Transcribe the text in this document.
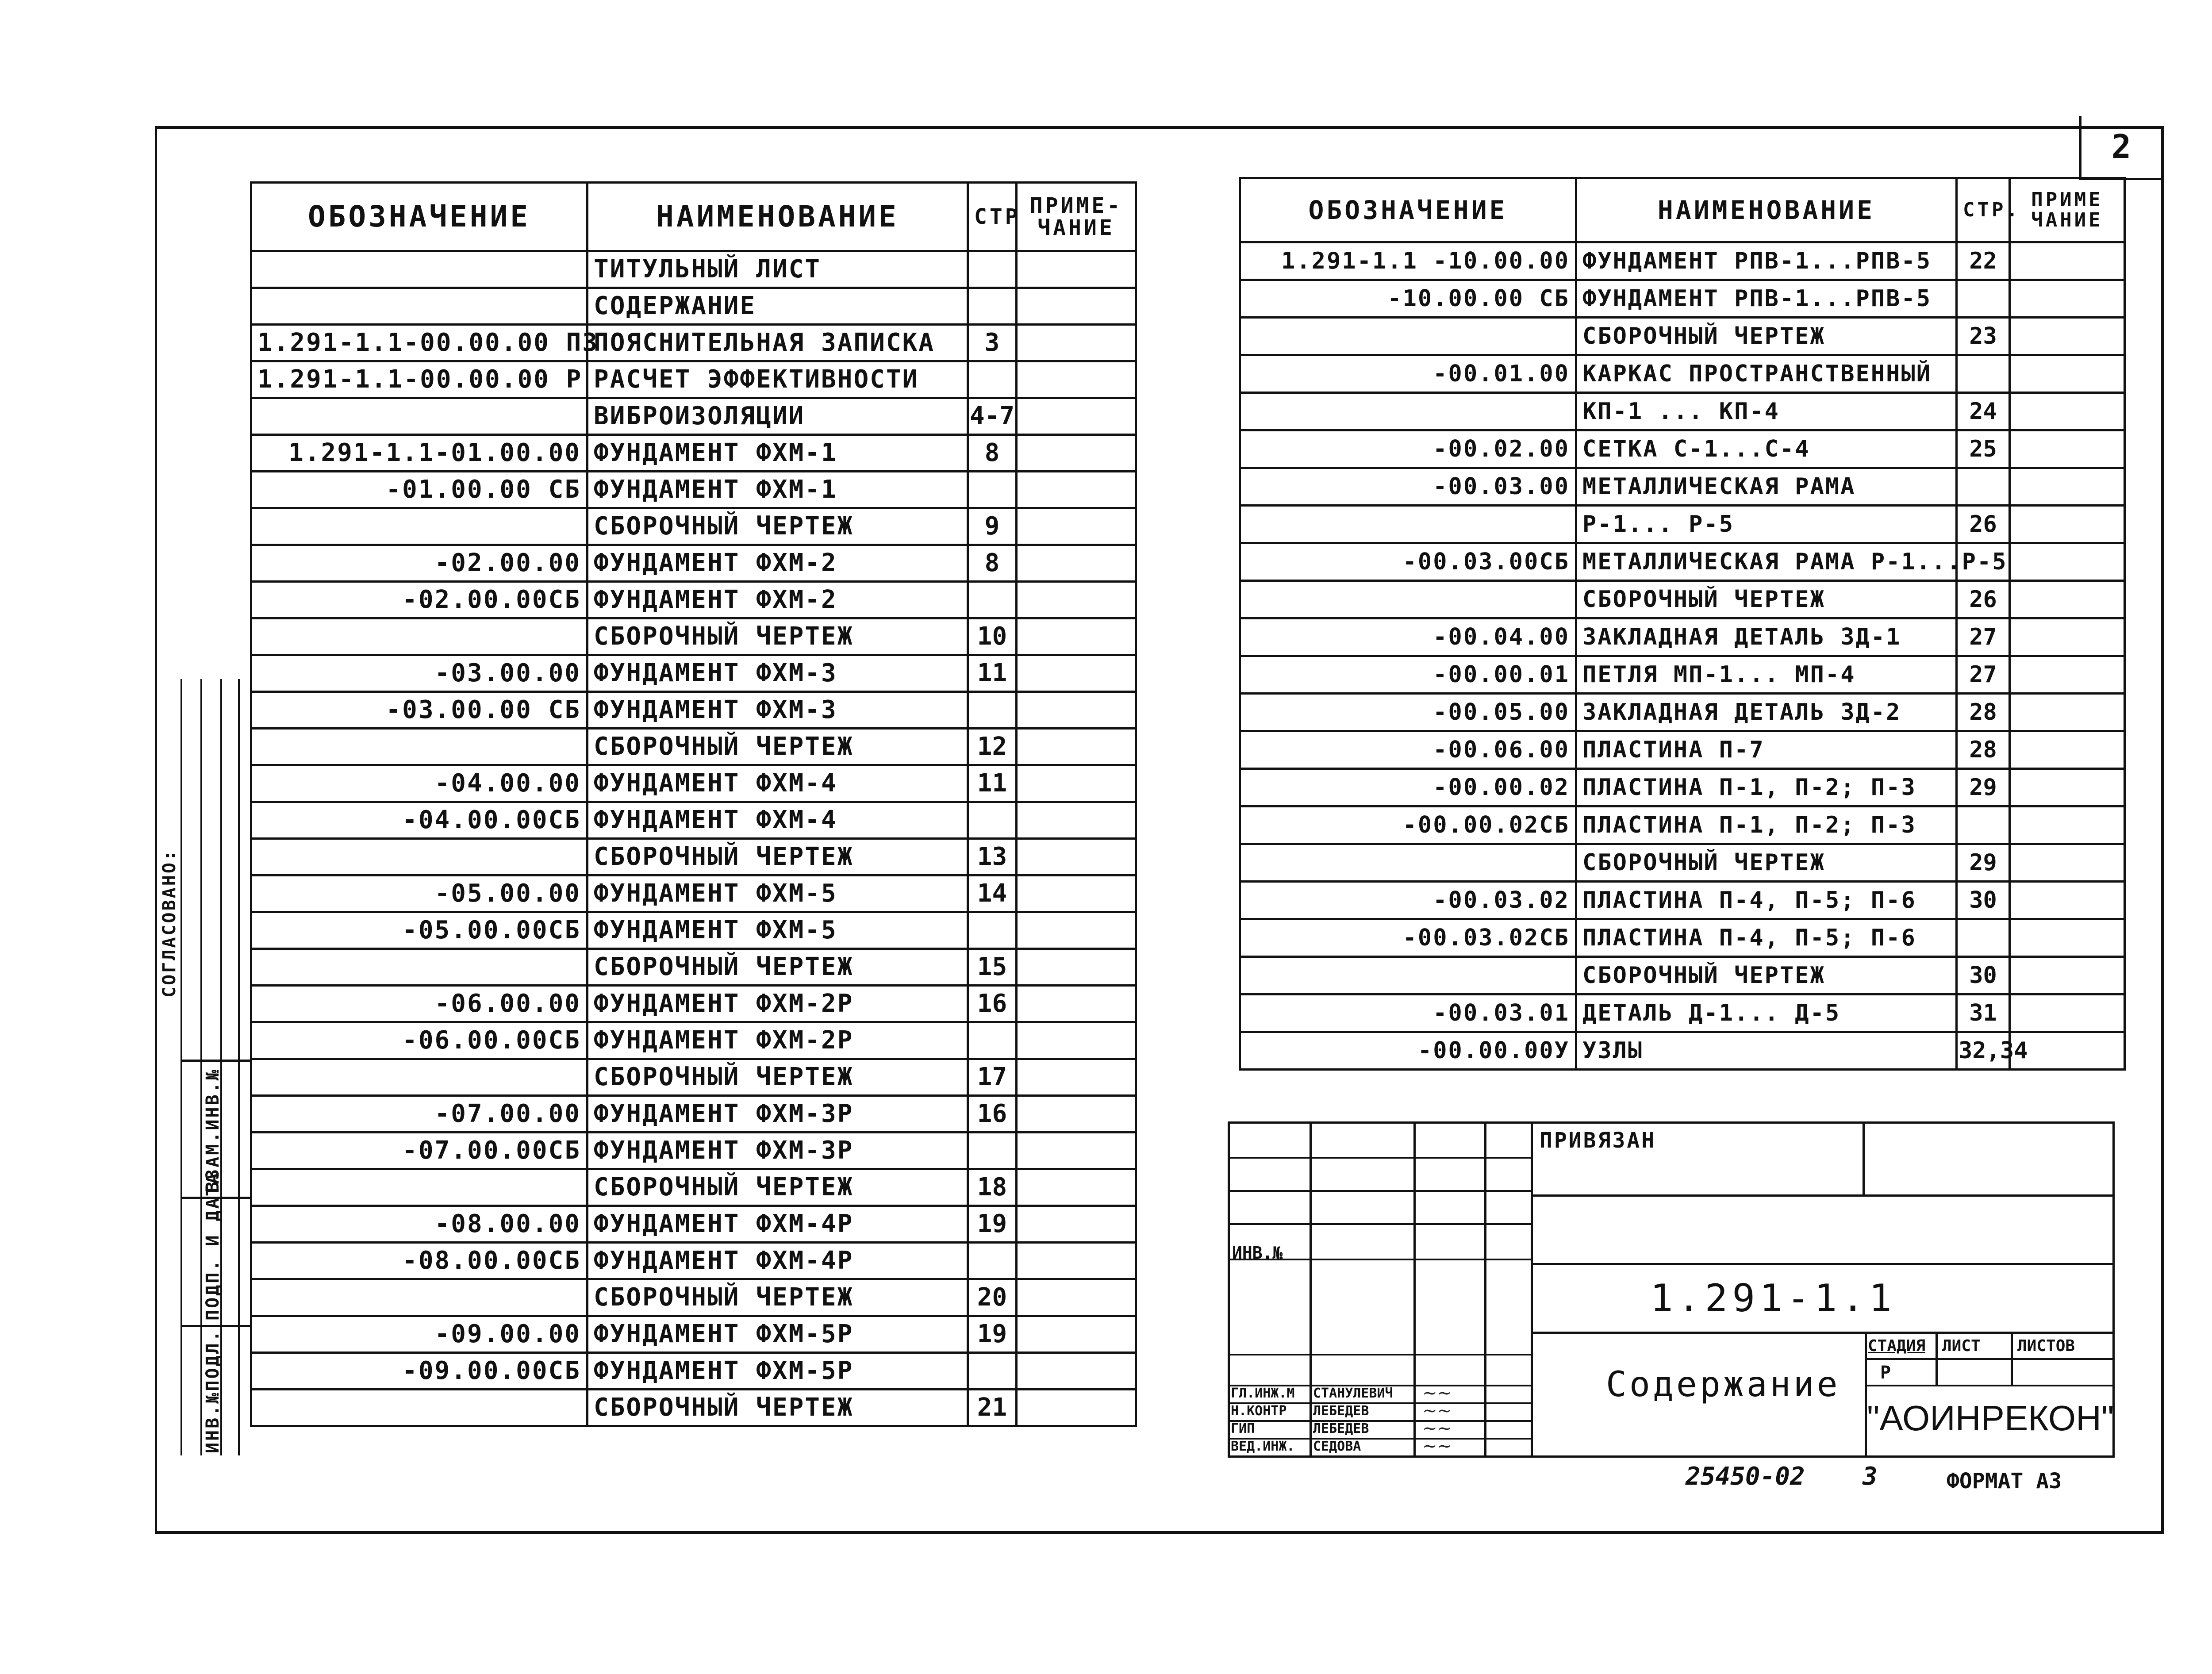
2
ОБОЗНАЧЕНИЕ	НАИМЕНОВАНИЕ	СТР	ПРИМЕ-ЧАНИЕ
	ТИТУЛЬНЫЙ ЛИСТ		
	СОДЕРЖАНИЕ		
1.291-1.1-00.00.00 ПЗ	ПОЯСНИТЕЛЬНАЯ ЗАПИСКА	3	
1.291-1.1-00.00.00 Р	РАСЧЕТ ЭФФЕКТИВНОСТИ		
	ВИБРОИЗОЛЯЦИИ	4-7	
1.291-1.1-01.00.00	ФУНДАМЕНТ ФХМ-1	8	
-01.00.00 СБ	ФУНДАМЕНТ ФХМ-1		
	СБОРОЧНЫЙ ЧЕРТЕЖ	9	
-02.00.00	ФУНДАМЕНТ ФХМ-2	8	
-02.00.00СБ	ФУНДАМЕНТ ФХМ-2		
	СБОРОЧНЫЙ ЧЕРТЕЖ	10	
-03.00.00	ФУНДАМЕНТ ФХМ-3	11	
-03.00.00 СБ	ФУНДАМЕНТ ФХМ-3		
	СБОРОЧНЫЙ ЧЕРТЕЖ	12	
-04.00.00	ФУНДАМЕНТ ФХМ-4	11	
-04.00.00СБ	ФУНДАМЕНТ ФХМ-4		
	СБОРОЧНЫЙ ЧЕРТЕЖ	13	
-05.00.00	ФУНДАМЕНТ ФХМ-5	14	
-05.00.00СБ	ФУНДАМЕНТ ФХМ-5		
	СБОРОЧНЫЙ ЧЕРТЕЖ	15	
-06.00.00	ФУНДАМЕНТ ФХМ-2Р	16	
-06.00.00СБ	ФУНДАМЕНТ ФХМ-2Р		
	СБОРОЧНЫЙ ЧЕРТЕЖ	17	
-07.00.00	ФУНДАМЕНТ ФХМ-3Р	16	
-07.00.00СБ	ФУНДАМЕНТ ФХМ-3Р		
	СБОРОЧНЫЙ ЧЕРТЕЖ	18	
-08.00.00	ФУНДАМЕНТ ФХМ-4Р	19	
-08.00.00СБ	ФУНДАМЕНТ ФХМ-4Р		
	СБОРОЧНЫЙ ЧЕРТЕЖ	20	
-09.00.00	ФУНДАМЕНТ ФХМ-5Р	19	
-09.00.00СБ	ФУНДАМЕНТ ФХМ-5Р		
	СБОРОЧНЫЙ ЧЕРТЕЖ	21	
ОБОЗНАЧЕНИЕ	НАИМЕНОВАНИЕ	СТР.	ПРИМЕ ЧАНИЕ
1.291-1.1 -10.00.00	ФУНДАМЕНТ РПВ-1...РПВ-5	22	
-10.00.00 СБ	ФУНДАМЕНТ РПВ-1...РПВ-5		
	СБОРОЧНЫЙ ЧЕРТЕЖ	23	
-00.01.00	КАРКАС ПРОСТРАНСТВЕННЫЙ		
	КП-1 ... КП-4	24	
-00.02.00	СЕТКА С-1...С-4	25	
-00.03.00	МЕТАЛЛИЧЕСКАЯ РАМА		
	Р-1... Р-5	26	
-00.03.00СБ	МЕТАЛЛИЧЕСКАЯ РАМА Р-1...Р-5		
	СБОРОЧНЫЙ ЧЕРТЕЖ	26	
-00.04.00	ЗАКЛАДНАЯ ДЕТАЛЬ ЗД-1	27	
-00.00.01	ПЕТЛЯ МП-1... МП-4	27	
-00.05.00	ЗАКЛАДНАЯ ДЕТАЛЬ ЗД-2	28	
-00.06.00	ПЛАСТИНА П-7	28	
-00.00.02	ПЛАСТИНА П-1, П-2; П-3	29	
-00.00.02СБ	ПЛАСТИНА П-1, П-2; П-3		
	СБОРОЧНЫЙ ЧЕРТЕЖ	29	
-00.03.02	ПЛАСТИНА П-4, П-5; П-6	30	
-00.03.02СБ	ПЛАСТИНА П-4, П-5; П-6		
	СБОРОЧНЫЙ ЧЕРТЕЖ	30	
-00.03.01	ДЕТАЛЬ Д-1... Д-5	31	
-00.00.00У	УЗЛЫ	32,34	
СОГЛАСОВАНО:
ВЗАМ.ИНВ.№
ПОДП. И ДАТА
ИНВ.№ПОДЛ.
ПРИВЯЗАН
ИНВ.№
1.291-1.1
Содержание
СТАДИЯ ЛИСТ ЛИСТОВ
Р
"АОИНРЕКОН"
ГЛ.ИНЖ.М СТАНУЛЕВИЧ ~~
Н.КОНТР ЛЕБЕДЕВ	~~
ГИП	ЛЕБЕДЕВ	~~
ВЕД.ИНЖ. СЕДОВА	~~
25450-02 3	ФОРМАТ А3
